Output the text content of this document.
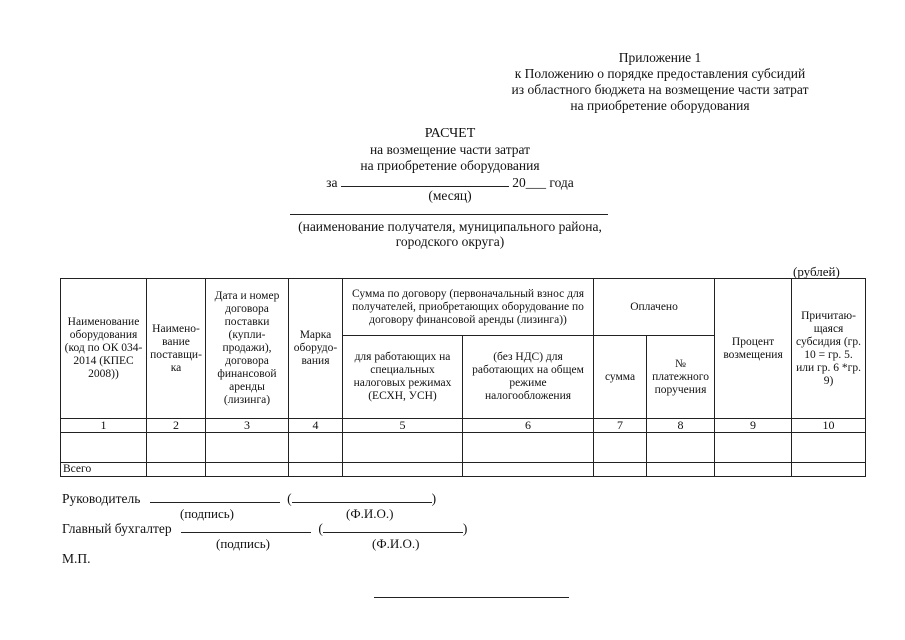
Приложение 1
к Положению о порядке предоставления субсидий
из областного бюджета на возмещение части затрат
на приобретение оборудования
РАСЧЕТ
на возмещение части затрат
на приобретение оборудования
за	20___ года
(месяц)
(наименование получателя, муниципального района,
городского округа)
(рублей)
Наименование оборудования (код по ОК 034-2014 (КПЕС 2008))	Наимено-вание поставщи-ка	Дата и номер договора поставки (купли-продажи), договора финансовой аренды (лизинга)	Марка оборудо-вания	Сумма по договору (первоначальный взнос для получателей, приобретающих оборудование по договору финансовой аренды (лизинга))		Оплачено		Процент возмещения	Причитаю-щаяся субсидия (гр. 10 = гр. 5. или гр. 6 *гр. 9)
				для работающих на специальных налоговых режимах (ЕСХН, УСН)	(без НДС) для работающих на общем режиме налогообложения	сумма	№ платежного поручения		
1	2	3	4	5	6	7	8	9	10

Всего									
Руководитель	(	)
(подпись)	(Ф.И.О.)
Главный бухгалтер	(	)
(подпись)	(Ф.И.О.)
М.П.
